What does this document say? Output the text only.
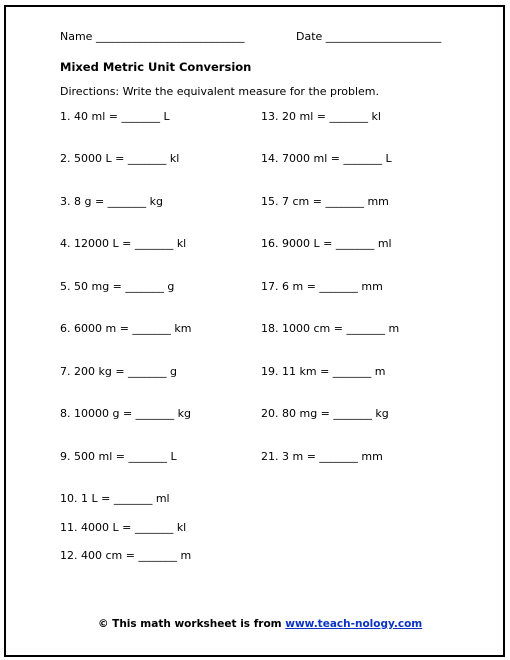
Name ___________________________	Date _____________________
Mixed Metric Unit Conversion
Directions: Write the equivalent measure for the problem.
1. 40 ml = _______ L
2. 5000 L = _______ kl
3. 8 g = _______ kg
4. 12000 L = _______ kl
5. 50 mg = _______ g
6. 6000 m = _______ km
7. 200 kg = _______ g
8. 10000 g = _______ kg
9. 500 ml = _______ L
10. 1 L = _______ ml
11. 4000 L = _______ kl
12. 400 cm = _______ m
13. 20 ml = _______ kl
14. 7000 ml = _______ L
15. 7 cm = _______ mm
16. 9000 L = _______ ml
17. 6 m = _______ mm
18. 1000 cm = _______ m
19. 11 km = _______ m
20. 80 mg = _______ kg
21. 3 m = _______ mm
© This math worksheet is from www.teach-nology.com
